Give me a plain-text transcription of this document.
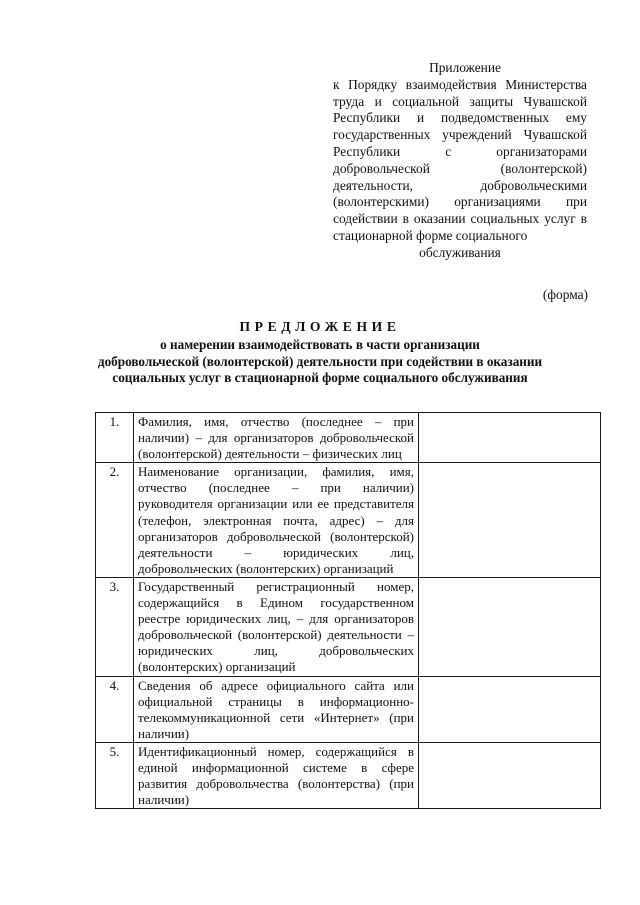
Приложение
к Порядку взаимодействия Министерства труда и социальной защиты Чувашской Республики и подведомственных ему государственных учреждений Чувашской Республики с организаторами добровольческой (волонтерской) деятельности, добровольческими (волонтерскими) организациями при содействии в оказании социальных услуг в стационарной форме социального
обслуживания
(форма)
ПРЕДЛОЖЕНИЕ
о намерении взаимодействовать в части организации
добровольческой (волонтерской) деятельности при содействии в оказании
социальных услуг в стационарной форме социального обслуживания
1.	Фамилия, имя, отчество (последнее – при наличии) – для организаторов добровольческой (волонтерской) деятельности – физических лиц	
2.	Наименование организации, фамилия, имя, отчество (последнее – при наличии) руководителя организации или ее представителя (телефон, электронная почта, адрес) – для организаторов добровольческой (волонтерской) деятельности – юридических лиц, добровольческих (волонтерских) организаций	
3.	Государственный регистрационный номер, содержащийся в Едином государственном реестре юридических лиц, – для организаторов добровольческой (волонтерской) деятельности – юридических лиц, добровольческих (волонтерских) организаций	
4.	Сведения об адресе официального сайта или официальной страницы в информационно-телекоммуникационной сети «Интернет» (при наличии)	
5.	Идентификационный номер, содержащийся в единой информационной системе в сфере развития добровольчества (волонтерства) (при наличии)	
